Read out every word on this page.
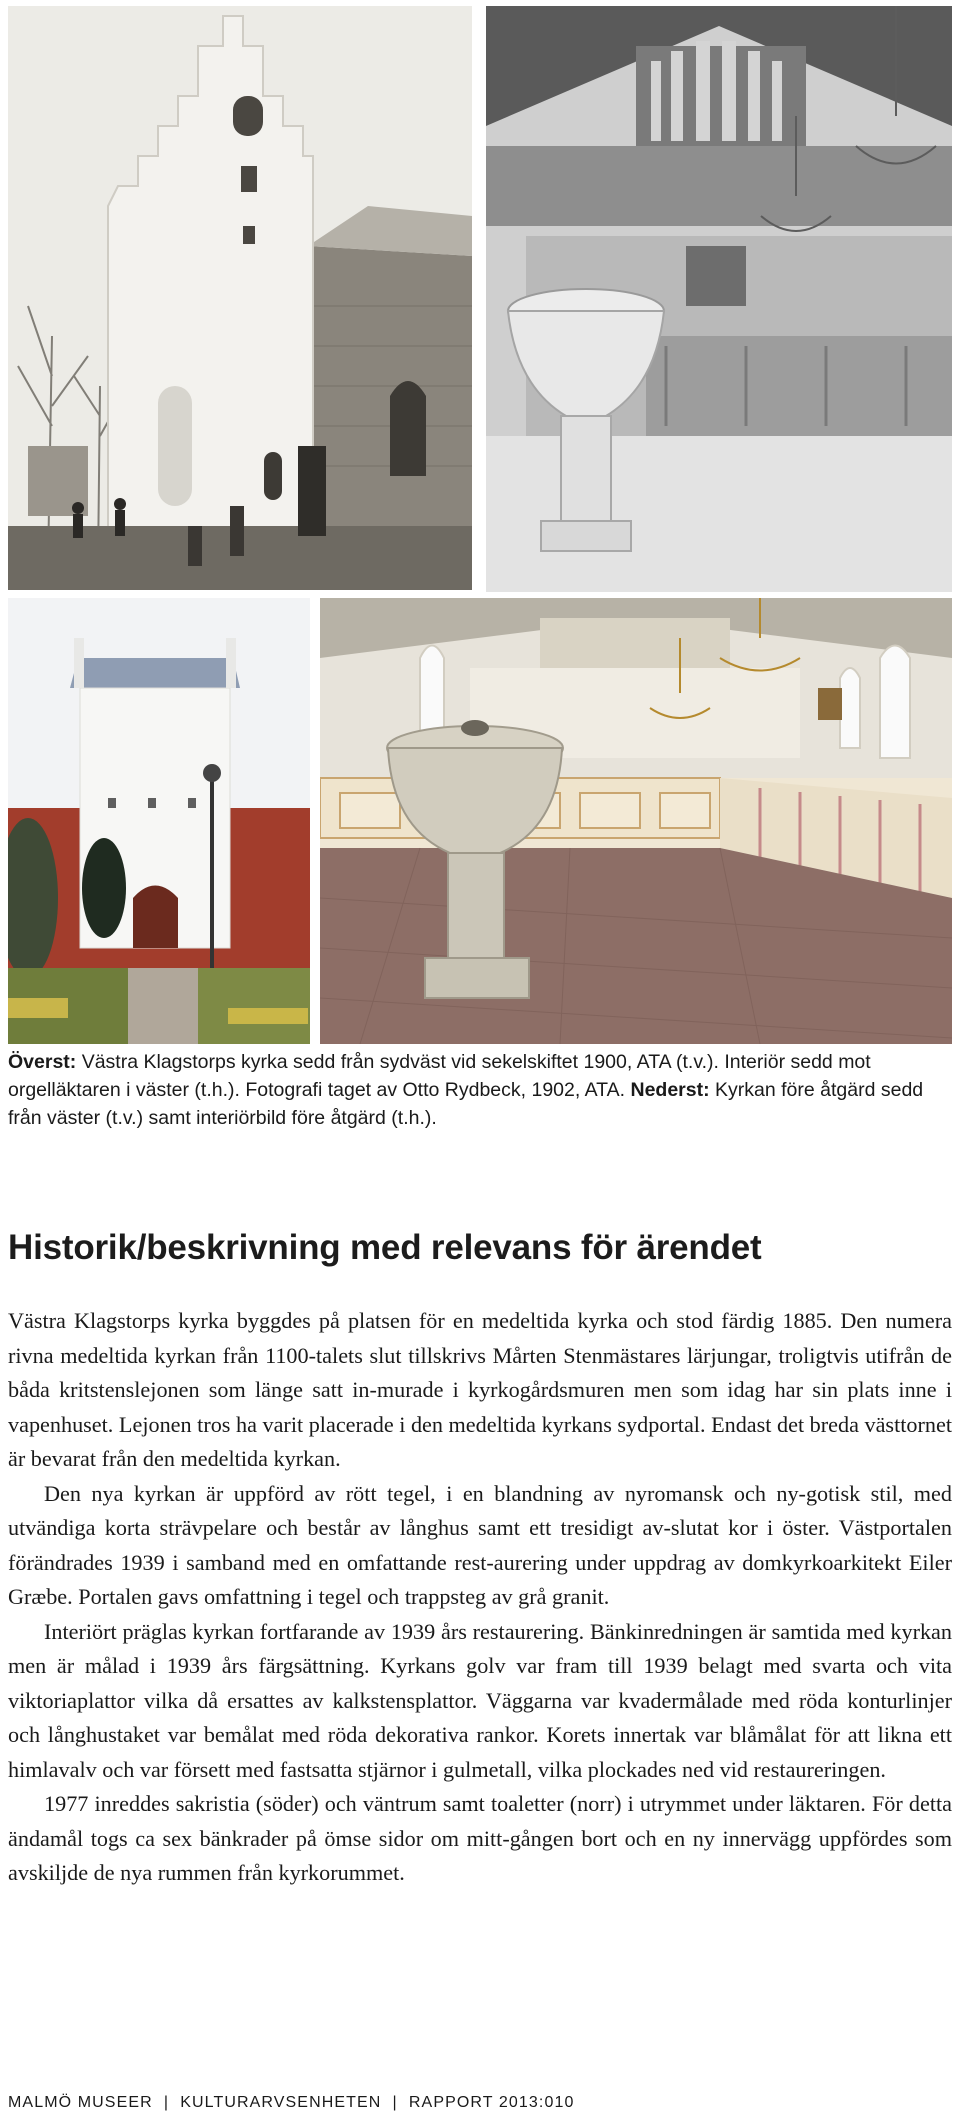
Överst: Västra Klagstorps kyrka sedd från sydväst vid sekelskiftet 1900, ATA (t.v.). Interiör sedd mot orgelläktaren i väster (t.h.). Fotografi taget av Otto Rydbeck, 1902, ATA. Nederst: Kyrkan före åtgärd sedd från väster (t.v.) samt interiörbild före åtgärd (t.h.).

Historik/beskrivning med relevans för ärendet

Västra Klagstorps kyrka byggdes på platsen för en medeltida kyrka och stod färdig 1885. Den numera rivna medeltida kyrkan från 1100-talets slut tillskrivs Mårten Stenmästares lärjungar, troligtvis utifrån de båda kritstenslejonen som länge satt in-murade i kyrkogårdsmuren men som idag har sin plats inne i vapenhuset. Lejonen tros ha varit placerade i den medeltida kyrkans sydportal. Endast det breda västtornet är bevarat från den medeltida kyrkan.

Den nya kyrkan är uppförd av rött tegel, i en blandning av nyromansk och ny-gotisk stil, med utvändiga korta strävpelare och består av långhus samt ett tresidigt av-slutat kor i öster. Västportalen förändrades 1939 i samband med en omfattande rest-aurering under uppdrag av domkyrkoarkitekt Eiler Græbe. Portalen gavs omfattning i tegel och trappsteg av grå granit.

Interiört präglas kyrkan fortfarande av 1939 års restaurering. Bänkinredningen är samtida med kyrkan men är målad i 1939 års färgsättning. Kyrkans golv var fram till 1939 belagt med svarta och vita viktoriaplattor vilka då ersattes av kalkstensplattor. Väggarna var kvadermålade med röda konturlinjer och långhustaket var bemålat med röda dekorativa rankor. Korets innertak var blåmålat för att likna ett himlavalv och var försett med fastsatta stjärnor i gulmetall, vilka plockades ned vid restaureringen.

1977 inreddes sakristia (söder) och väntrum samt toaletter (norr) i utrymmet under läktaren. För detta ändamål togs ca sex bänkrader på ömse sidor om mitt-gången bort och en ny innervägg uppfördes som avskiljde de nya rummen från kyrkorummet.

MALMÖ MUSEER  |  KULTURARVSENHETEN  |  RAPPORT 2013:010
